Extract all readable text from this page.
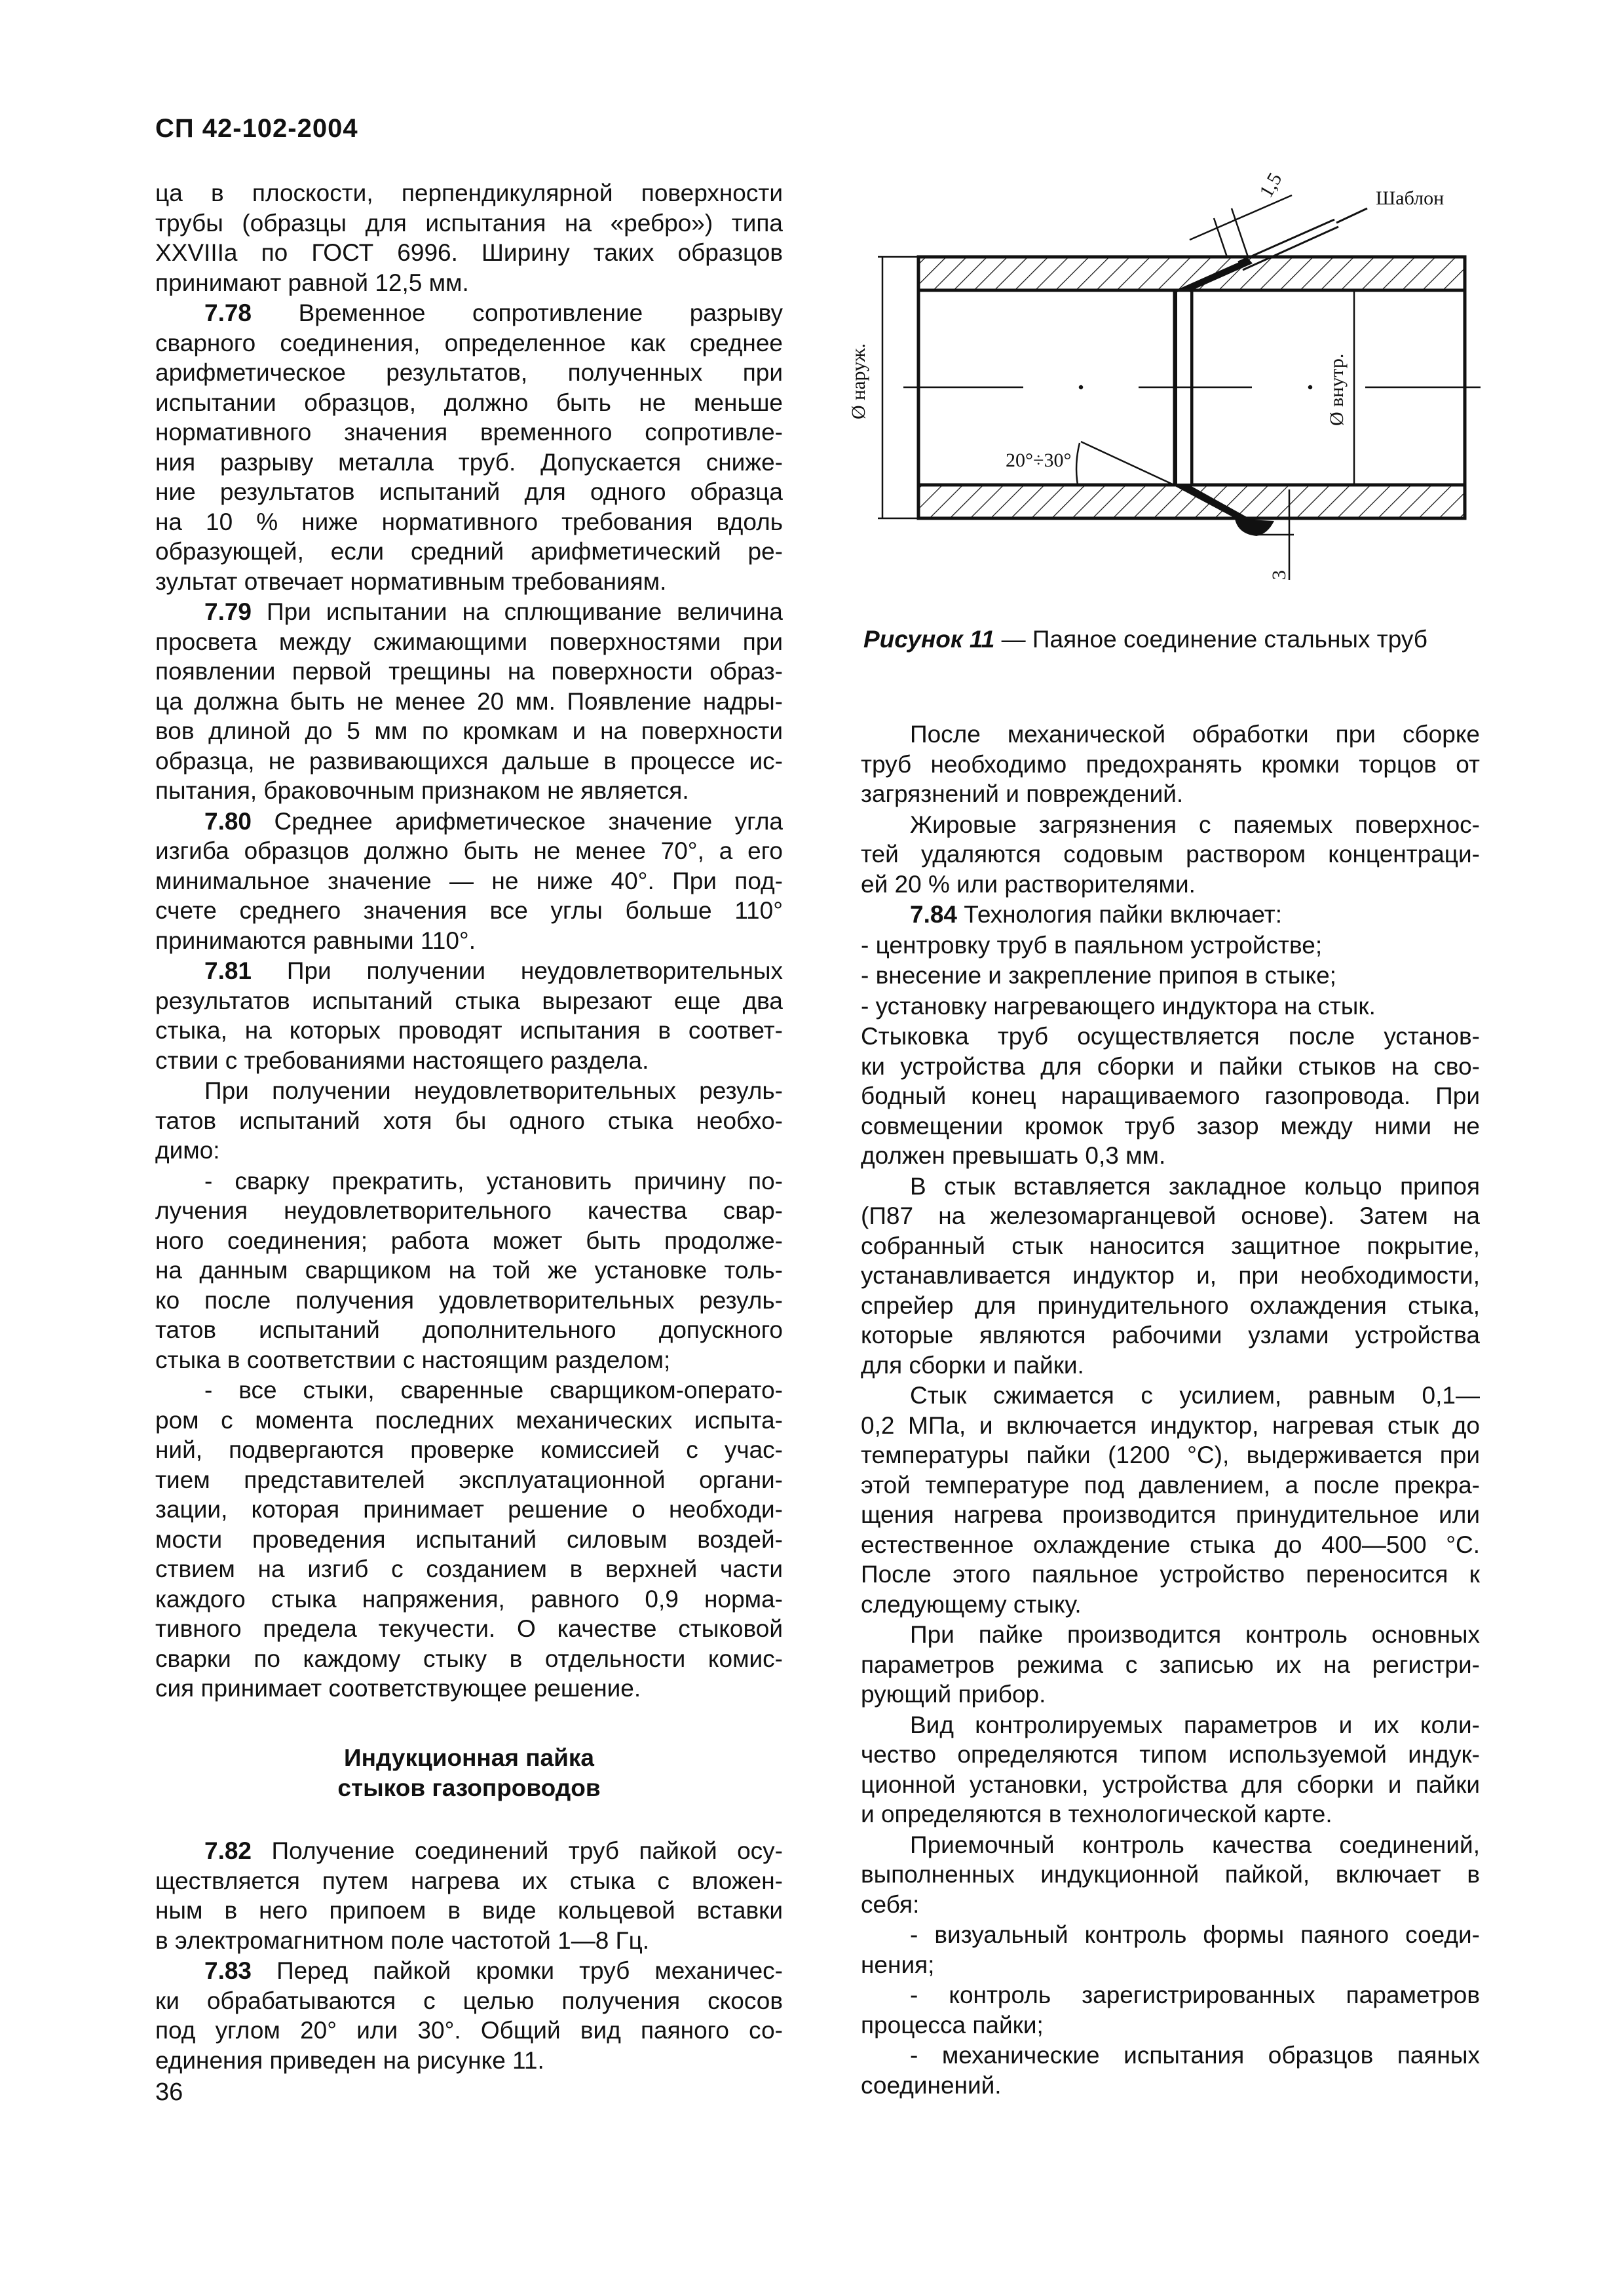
СП 42-102-2004
ца в плоскости, перпендикулярной поверхности
трубы (образцы для испытания на «ребро») типа
XXVIIIa по ГОСТ 6996. Ширину таких образцов
принимают равной 12,5 мм.
7.78 Временное сопротивление разрыву
сварного соединения, определенное как среднее
арифметическое результатов, полученных при
испытании образцов, должно быть не меньше
нормативного значения временного сопротивле-
ния разрыву металла труб. Допускается сниже-
ние результатов испытаний для одного образца
на 10 % ниже нормативного требования вдоль
образующей, если средний арифметический ре-
зультат отвечает нормативным требованиям.
7.79 При испытании на сплющивание величина
просвета между сжимающими поверхностями при
появлении первой трещины на поверхности образ-
ца должна быть не менее 20 мм. Появление надры-
вов длиной до 5 мм по кромкам и на поверхности
образца, не развивающихся дальше в процессе ис-
пытания, браковочным признаком не является.
7.80 Среднее арифметическое значение угла
изгиба образцов должно быть не менее 70°, а его
минимальное значение — не ниже 40°. При под-
счете среднего значения все углы больше 110°
принимаются равными 110°.
7.81 При получении неудовлетворительных
результатов испытаний стыка вырезают еще два
стыка, на которых проводят испытания в соответ-
ствии с требованиями настоящего раздела.
При получении неудовлетворительных резуль-
татов испытаний хотя бы одного стыка необхо-
димо:
- сварку прекратить, установить причину по-
лучения неудовлетворительного качества свар-
ного соединения; работа может быть продолже-
на данным сварщиком на той же установке толь-
ко после получения удовлетворительных резуль-
татов испытаний дополнительного допускного
стыка в соответствии с настоящим разделом;
- все стыки, сваренные сварщиком-операто-
ром с момента последних механических испыта-
ний, подвергаются проверке комиссией с учас-
тием представителей эксплуатационной органи-
зации, которая принимает решение о необходи-
мости проведения испытаний силовым воздей-
ствием на изгиб с созданием в верхней части
каждого стыка напряжения, равного 0,9 норма-
тивного предела текучести. О качестве стыковой
сварки по каждому стыку в отдельности комис-
сия принимает соответствующее решение.
Индукционная пайка
стыков газопроводов
7.82 Получение соединений труб пайкой осу-
ществляется путем нагрева их стыка с вложен-
ным в него припоем в виде кольцевой вставки
в электромагнитном поле частотой 1—8 Гц.
7.83 Перед пайкой кромки труб механичес-
ки обрабатываются с целью получения скосов
под углом 20° или 30°. Общий вид паяного со-
единения приведен на рисунке 11.
После механической обработки при сборке
труб необходимо предохранять кромки торцов от
загрязнений и повреждений.
Жировые загрязнения с паяемых поверхнос-
тей удаляются содовым раствором концентраци-
ей 20 % или растворителями.
7.84 Технология пайки включает:
- центровку труб в паяльном устройстве;
- внесение и закрепление припоя в стыке;
- установку нагревающего индуктора на стык.
Стыковка труб осуществляется после установ-
ки устройства для сборки и пайки стыков на сво-
бодный конец наращиваемого газопровода. При
совмещении кромок труб зазор между ними не
должен превышать 0,3 мм.
В стык вставляется закладное кольцо припоя
(П87 на железомарганцевой основе). Затем на
собранный стык наносится защитное покрытие,
устанавливается индуктор и, при необходимости,
спрейер для принудительного охлаждения стыка,
которые являются рабочими узлами устройства
для сборки и пайки.
Стык сжимается с усилием, равным 0,1—
0,2 МПа, и включается индуктор, нагревая стык до
температуры пайки (1200 °С), выдерживается при
этой температуре под давлением, а после прекра-
щения нагрева производится принудительное или
естественное охлаждение стыка до 400—500 °С.
После этого паяльное устройство переносится к
следующему стыку.
При пайке производится контроль основных
параметров режима с записью их на регистри-
рующий прибор.
Вид контролируемых параметров и их коли-
чество определяются типом используемой индук-
ционной установки, устройства для сборки и пайки
и определяются в технологической карте.
Приемочный контроль качества соединений,
выполненных индукционной пайкой, включает в
себя:
- визуальный контроль формы паяного соеди-
нения;
- контроль зарегистрированных параметров
процесса пайки;
- механические испытания образцов паяных
соединений.
Шаблон
1,5
Ø наруж.	Ø внутр.
20°÷30°
3
Рисунок 11 — Паяное соединение стальных труб
36
